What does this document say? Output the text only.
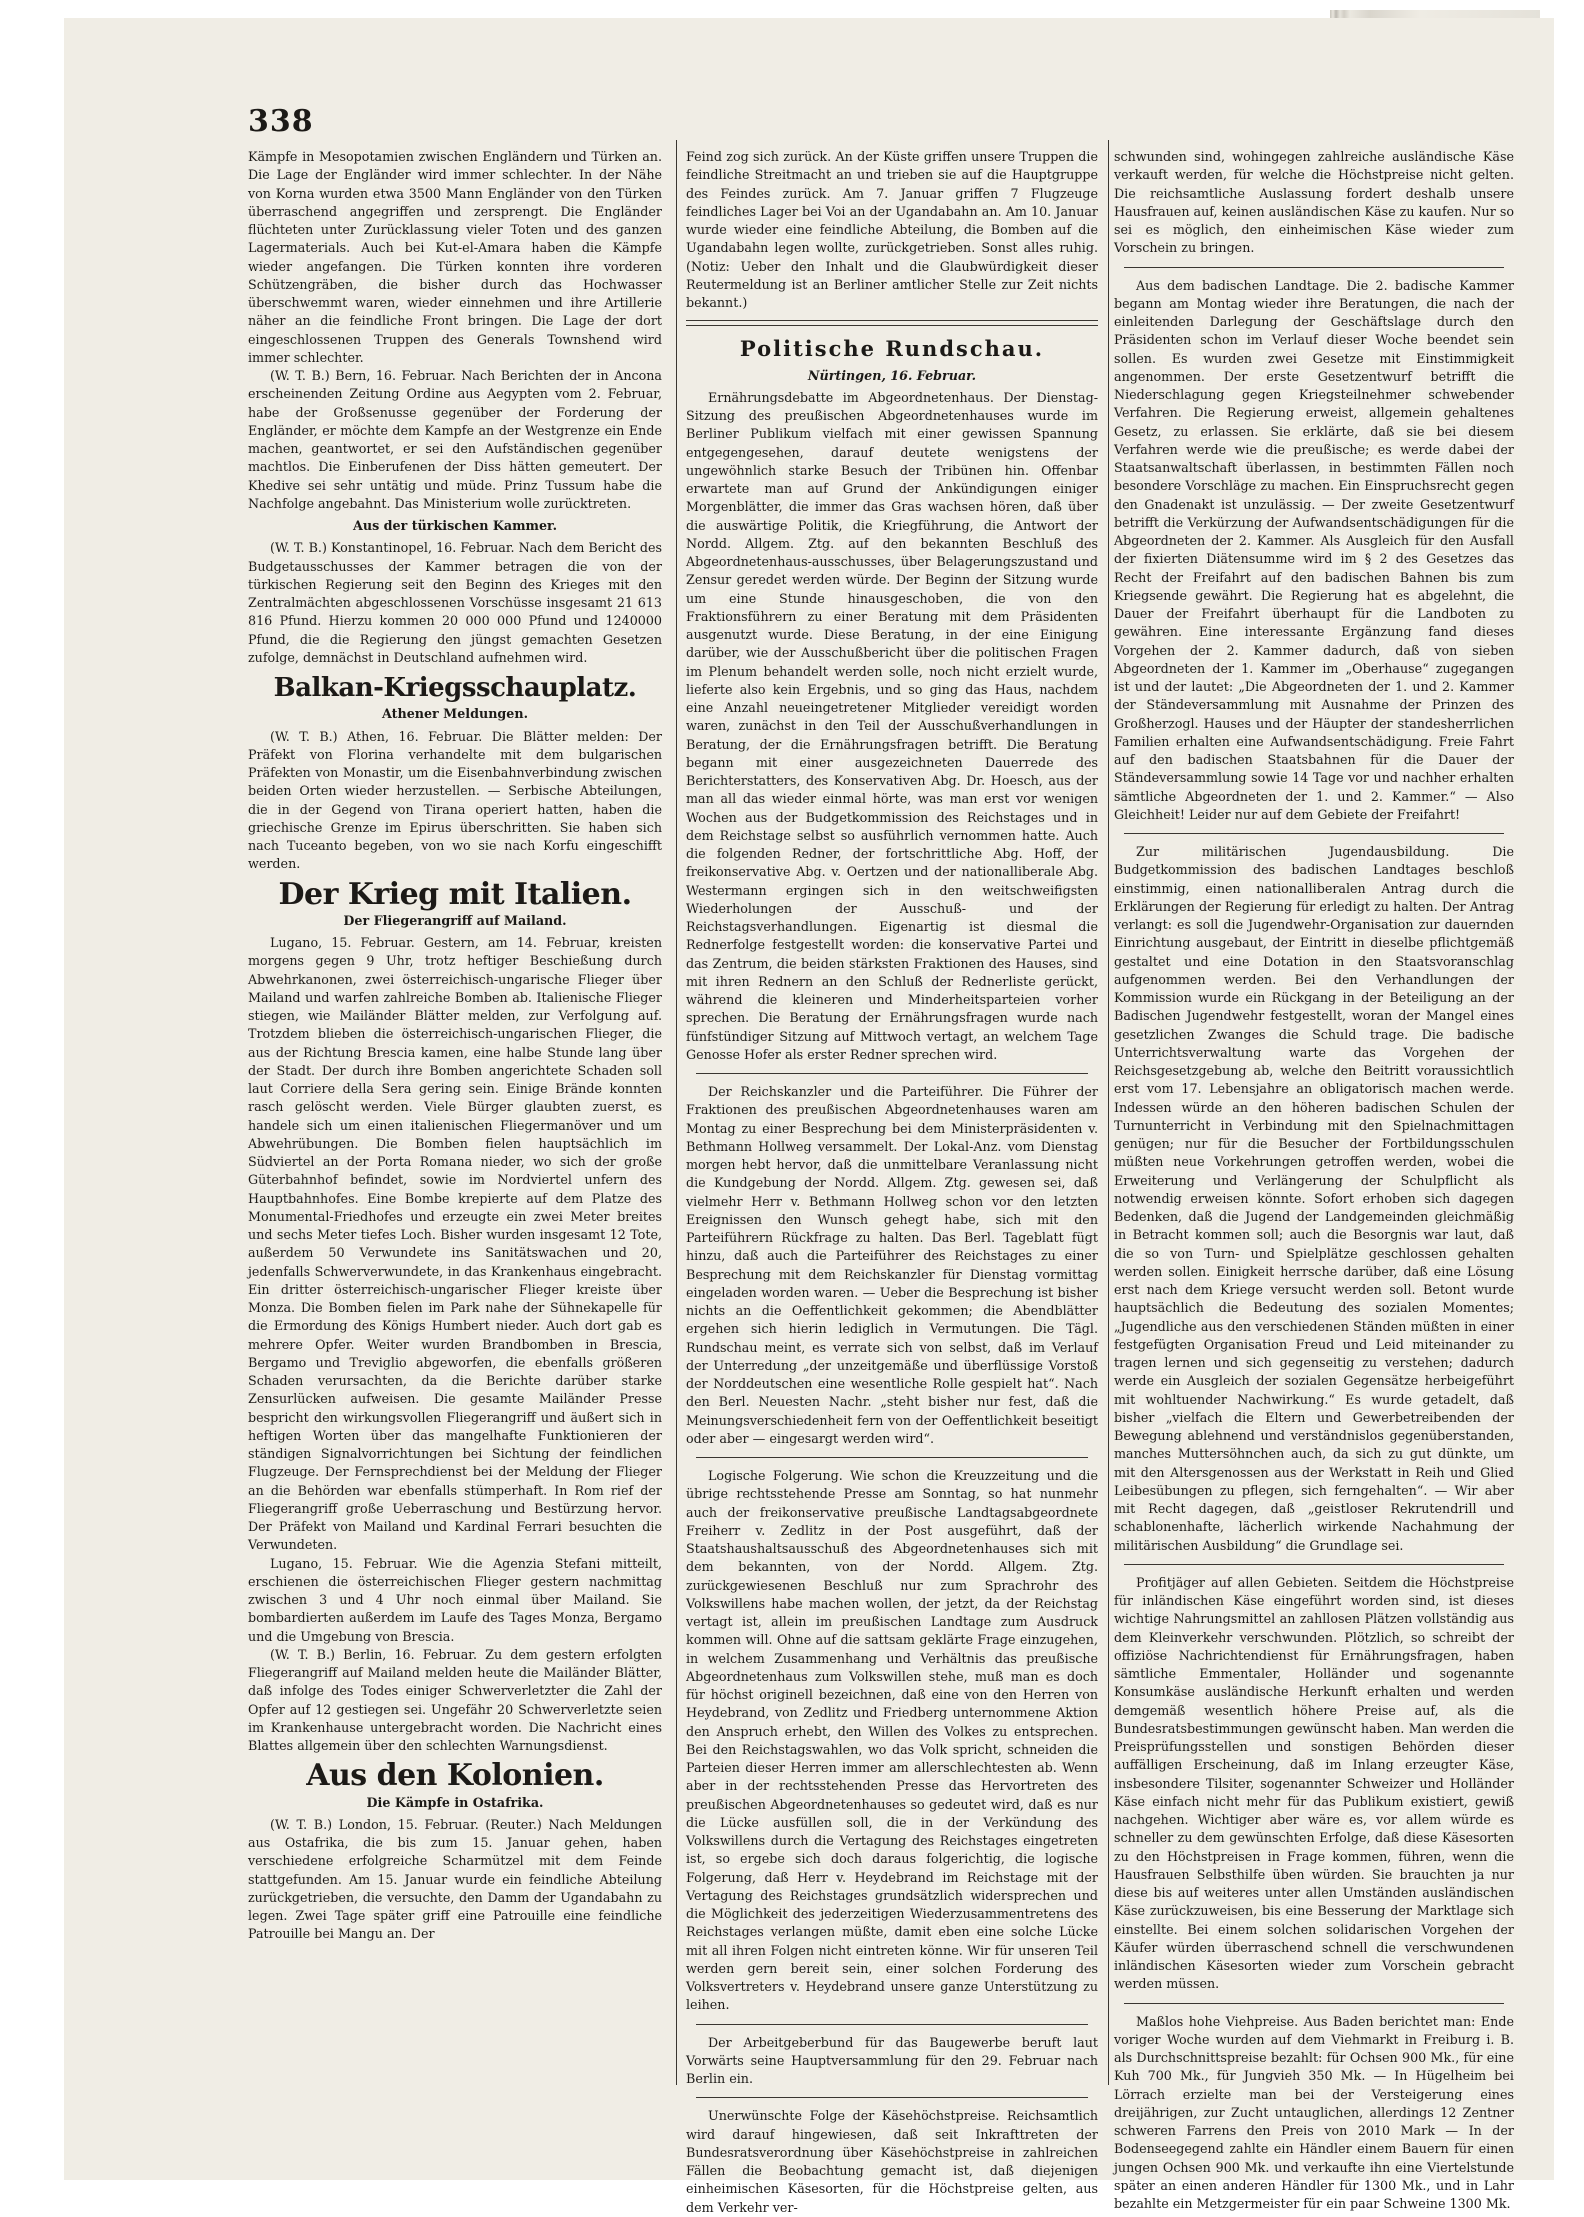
338

Kämpfe in Mesopotamien zwischen Engländern und Türken an. Die Lage der Engländer wird immer schlechter. In der Nähe von Korna wurden etwa 3500 Mann Engländer von den Türken überraschend angegriffen und zersprengt. Die Engländer flüchteten unter Zurücklassung vieler Toten und des ganzen Lagermaterials. Auch bei Kut-el-Amara haben die Kämpfe wieder angefangen. Die Türken konnten ihre vorderen Schützengräben, die bisher durch das Hochwasser überschwemmt waren, wieder einnehmen und ihre Artillerie näher an die feindliche Front bringen. Die Lage der dort eingeschlossenen Truppen des Generals Townshend wird immer schlechter.

(W. T. B.) Bern, 16. Februar. Nach Berichten der in Ancona erscheinenden Zeitung Ordine aus Aegypten vom 2. Februar, habe der Großsenusse gegenüber der Forderung der Engländer, er möchte dem Kampfe an der Westgrenze ein Ende machen, geantwortet, er sei den Aufständischen gegenüber machtlos. Die Einberufenen der Diss hätten gemeutert. Der Khedive sei sehr untätig und müde. Prinz Tussum habe die Nachfolge angebahnt. Das Ministerium wolle zurücktreten.

Aus der türkischen Kammer.

(W. T. B.) Konstantinopel, 16. Februar. Nach dem Bericht des Budgetausschusses der Kammer betragen die von der türkischen Regierung seit den Beginn des Krieges mit den Zentralmächten abgeschlossenen Vorschüsse insgesamt 21 613 816 Pfund. Hierzu kommen 20 000 000 Pfund und 1240000 Pfund, die die Regierung den jüngst gemachten Gesetzen zufolge, demnächst in Deutschland aufnehmen wird.

Balkan-Kriegsschauplatz.
Athener Meldungen.

(W. T. B.) Athen, 16. Februar. Die Blätter melden: Der Präfekt von Florina verhandelte mit dem bulgarischen Präfekten von Monastir, um die Eisenbahnverbindung zwischen beiden Orten wieder herzustellen. — Serbische Abteilungen, die in der Gegend von Tirana operiert hatten, haben die griechische Grenze im Epirus überschritten. Sie haben sich nach Tuceanto begeben, von wo sie nach Korfu eingeschifft werden.

Der Krieg mit Italien.
Der Fliegerangriff auf Mailand.

Lugano, 15. Februar. Gestern, am 14. Februar, kreisten morgens gegen 9 Uhr, trotz heftiger Beschießung durch Abwehrkanonen, zwei österreichisch-ungarische Flieger über Mailand und warfen zahlreiche Bomben ab. Italienische Flieger stiegen, wie Mailänder Blätter melden, zur Verfolgung auf. Trotzdem blieben die österreichisch-ungarischen Flieger, die aus der Richtung Brescia kamen, eine halbe Stunde lang über der Stadt. Der durch ihre Bomben angerichtete Schaden soll laut Corriere della Sera gering sein. Einige Brände konnten rasch gelöscht werden. Viele Bürger glaubten zuerst, es handele sich um einen italienischen Fliegermanöver und um Abwehrübungen. Die Bomben fielen hauptsächlich im Südviertel an der Porta Romana nieder, wo sich der große Güterbahnhof befindet, sowie im Nordviertel unfern des Hauptbahnhofes. Eine Bombe krepierte auf dem Platze des Monumental-Friedhofes und erzeugte ein zwei Meter breites und sechs Meter tiefes Loch. Bisher wurden insgesamt 12 Tote, außerdem 50 Verwundete ins Sanitätswachen und 20, jedenfalls Schwerverwundete, in das Krankenhaus eingebracht. Ein dritter österreichisch-ungarischer Flieger kreiste über Monza. Die Bomben fielen im Park nahe der Sühnekapelle für die Ermordung des Königs Humbert nieder. Auch dort gab es mehrere Opfer. Weiter wurden Brandbomben in Brescia, Bergamo und Treviglio abgeworfen, die ebenfalls größeren Schaden verursachten, da die Berichte darüber starke Zensurlücken aufweisen. Die gesamte Mailänder Presse bespricht den wirkungsvollen Fliegerangriff und äußert sich in heftigen Worten über das mangelhafte Funktionieren der ständigen Signalvorrichtungen bei Sichtung der feindlichen Flugzeuge. Der Fernsprechdienst bei der Meldung der Flieger an die Behörden war ebenfalls stümperhaft. In Rom rief der Fliegerangriff große Ueberraschung und Bestürzung hervor. Der Präfekt von Mailand und Kardinal Ferrari besuchten die Verwundeten.

Lugano, 15. Februar. Wie die Agenzia Stefani mitteilt, erschienen die österreichischen Flieger gestern nachmittag zwischen 3 und 4 Uhr noch einmal über Mailand. Sie bombardierten außerdem im Laufe des Tages Monza, Bergamo und die Umgebung von Brescia.

(W. T. B.) Berlin, 16. Februar. Zu dem gestern erfolgten Fliegerangriff auf Mailand melden heute die Mailänder Blätter, daß infolge des Todes einiger Schwerverletzter die Zahl der Opfer auf 12 gestiegen sei. Ungefähr 20 Schwerverletzte seien im Krankenhause untergebracht worden. Die Nachricht eines Blattes allgemein über den schlechten Warnungsdienst.

Aus den Kolonien.
Die Kämpfe in Ostafrika.

(W. T. B.) London, 15. Februar. (Reuter.) Nach Meldungen aus Ostafrika, die bis zum 15. Januar gehen, haben verschiedene erfolgreiche Scharmützel mit dem Feinde stattgefunden. Am 15. Januar wurde ein feindliche Abteilung zurückgetrieben, die versuchte, den Damm der Ugandabahn zu legen. Zwei Tage später griff eine Patrouille eine feindliche Patrouille bei Mangu an. Der

Feind zog sich zurück. An der Küste griffen unsere Truppen die feindliche Streitmacht an und trieben sie auf die Hauptgruppe des Feindes zurück. Am 7. Januar griffen 7 Flugzeuge feindliches Lager bei Voi an der Ugandabahn an. Am 10. Januar wurde wieder eine feindliche Abteilung, die Bomben auf die Ugandabahn legen wollte, zurückgetrieben. Sonst alles ruhig. (Notiz: Ueber den Inhalt und die Glaubwürdigkeit dieser Reutermeldung ist an Berliner amtlicher Stelle zur Zeit nichts bekannt.)

Politische Rundschau.
Nürtingen, 16. Februar.

Ernährungsdebatte im Abgeordnetenhaus. Der Dienstag-Sitzung des preußischen Abgeordnetenhauses wurde im Berliner Publikum vielfach mit einer gewissen Spannung entgegengesehen, darauf deutete wenigstens der ungewöhnlich starke Besuch der Tribünen hin. Offenbar erwartete man auf Grund der Ankündigungen einiger Morgenblätter, die immer das Gras wachsen hören, daß über die auswärtige Politik, die Kriegführung, die Antwort der Nordd. Allgem. Ztg. auf den bekannten Beschluß des Abgeordnetenhaus-ausschusses, über Belagerungszustand und Zensur geredet werden würde. Der Beginn der Sitzung wurde um eine Stunde hinausgeschoben, die von den Fraktionsführern zu einer Beratung mit dem Präsidenten ausgenutzt wurde. Diese Beratung, in der eine Einigung darüber, wie der Ausschußbericht über die politischen Fragen im Plenum behandelt werden solle, noch nicht erzielt wurde, lieferte also kein Ergebnis, und so ging das Haus, nachdem eine Anzahl neueingetretener Mitglieder vereidigt worden waren, zunächst in den Teil der Ausschußverhandlungen in Beratung, der die Ernährungsfragen betrifft. Die Beratung begann mit einer ausgezeichneten Dauerrede des Berichterstatters, des Konservativen Abg. Dr. Hoesch, aus der man all das wieder einmal hörte, was man erst vor wenigen Wochen aus der Budgetkommission des Reichstages und in dem Reichstage selbst so ausführlich vernommen hatte. Auch die folgenden Redner, der fortschrittliche Abg. Hoff, der freikonservative Abg. v. Oertzen und der nationalliberale Abg. Westermann ergingen sich in den weitschweifigsten Wiederholungen der Ausschuß- und der Reichstagsverhandlungen. Eigenartig ist diesmal die Rednerfolge festgestellt worden: die konservative Partei und das Zentrum, die beiden stärksten Fraktionen des Hauses, sind mit ihren Rednern an den Schluß der Rednerliste gerückt, während die kleineren und Minderheitsparteien vorher sprechen. Die Beratung der Ernährungsfragen wurde nach fünfstündiger Sitzung auf Mittwoch vertagt, an welchem Tage Genosse Hofer als erster Redner sprechen wird.

Der Reichskanzler und die Parteiführer. Die Führer der Fraktionen des preußischen Abgeordnetenhauses waren am Montag zu einer Besprechung bei dem Ministerpräsidenten v. Bethmann Hollweg versammelt. Der Lokal-Anz. vom Dienstag morgen hebt hervor, daß die unmittelbare Veranlassung nicht die Kundgebung der Nordd. Allgem. Ztg. gewesen sei, daß vielmehr Herr v. Bethmann Hollweg schon vor den letzten Ereignissen den Wunsch gehegt habe, sich mit den Parteiführern Rückfrage zu halten. Das Berl. Tageblatt fügt hinzu, daß auch die Parteiführer des Reichstages zu einer Besprechung mit dem Reichskanzler für Dienstag vormittag eingeladen worden waren. — Ueber die Besprechung ist bisher nichts an die Oeffentlichkeit gekommen; die Abendblätter ergehen sich hierin lediglich in Vermutungen. Die Tägl. Rundschau meint, es verrate sich von selbst, daß im Verlauf der Unterredung „der unzeitgemäße und überflüssige Vorstoß der Norddeutschen eine wesentliche Rolle gespielt hat“. Nach den Berl. Neuesten Nachr. „steht bisher nur fest, daß die Meinungsverschiedenheit fern von der Oeffentlichkeit beseitigt oder aber — eingesargt werden wird“.

Logische Folgerung. Wie schon die Kreuzzeitung und die übrige rechtsstehende Presse am Sonntag, so hat nunmehr auch der freikonservative preußische Landtagsabgeordnete Freiherr v. Zedlitz in der Post ausgeführt, daß der Staatshaushaltsausschuß des Abgeordnetenhauses sich mit dem bekannten, von der Nordd. Allgem. Ztg. zurückgewiesenen Beschluß nur zum Sprachrohr des Volkswillens habe machen wollen, der jetzt, da der Reichstag vertagt ist, allein im preußischen Landtage zum Ausdruck kommen will. Ohne auf die sattsam geklärte Frage einzugehen, in welchem Zusammenhang und Verhältnis das preußische Abgeordnetenhaus zum Volkswillen stehe, muß man es doch für höchst originell bezeichnen, daß eine von den Herren von Heydebrand, von Zedlitz und Friedberg unternommene Aktion den Anspruch erhebt, den Willen des Volkes zu entsprechen. Bei den Reichstagswahlen, wo das Volk spricht, schneiden die Parteien dieser Herren immer am allerschlechtesten ab. Wenn aber in der rechtsstehenden Presse das Hervortreten des preußischen Abgeordnetenhauses so gedeutet wird, daß es nur die Lücke ausfüllen soll, die in der Verkündung des Volkswillens durch die Vertagung des Reichstages eingetreten ist, so ergebe sich doch daraus folgerichtig, die logische Folgerung, daß Herr v. Heydebrand im Reichstage mit der Vertagung des Reichstages grundsätzlich widersprechen und die Möglichkeit des jederzeitigen Wiederzusammentretens des Reichstages verlangen müßte, damit eben eine solche Lücke mit all ihren Folgen nicht eintreten könne. Wir für unseren Teil werden gern bereit sein, einer solchen Forderung des Volksvertreters v. Heydebrand unsere ganze Unterstützung zu leihen.

Der Arbeitgeberbund für das Baugewerbe beruft laut Vorwärts seine Hauptversammlung für den 29. Februar nach Berlin ein.

Unerwünschte Folge der Käsehöchstpreise. Reichsamtlich wird darauf hingewiesen, daß seit Inkrafttreten der Bundesratsverordnung über Käsehöchstpreise in zahlreichen Fällen die Beobachtung gemacht ist, daß diejenigen einheimischen Käsesorten, für die Höchstpreise gelten, aus dem Verkehr ver-

schwunden sind, wohingegen zahlreiche ausländische Käse verkauft werden, für welche die Höchstpreise nicht gelten. Die reichsamtliche Auslassung fordert deshalb unsere Hausfrauen auf, keinen ausländischen Käse zu kaufen. Nur so sei es möglich, den einheimischen Käse wieder zum Vorschein zu bringen.

Aus dem badischen Landtage. Die 2. badische Kammer begann am Montag wieder ihre Beratungen, die nach der einleitenden Darlegung der Geschäftslage durch den Präsidenten schon im Verlauf dieser Woche beendet sein sollen. Es wurden zwei Gesetze mit Einstimmigkeit angenommen. Der erste Gesetzentwurf betrifft die Niederschlagung gegen Kriegsteilnehmer schwebender Verfahren. Die Regierung erweist, allgemein gehaltenes Gesetz, zu erlassen. Sie erklärte, daß sie bei diesem Verfahren werde wie die preußische; es werde dabei der Staatsanwaltschaft überlassen, in bestimmten Fällen noch besondere Vorschläge zu machen. Ein Einspruchsrecht gegen den Gnadenakt ist unzulässig. — Der zweite Gesetzentwurf betrifft die Verkürzung der Aufwandsentschädigungen für die Abgeordneten der 2. Kammer. Als Ausgleich für den Ausfall der fixierten Diätensumme wird im § 2 des Gesetzes das Recht der Freifahrt auf den badischen Bahnen bis zum Kriegsende gewährt. Die Regierung hat es abgelehnt, die Dauer der Freifahrt überhaupt für die Landboten zu gewähren. Eine interessante Ergänzung fand dieses Vorgehen der 2. Kammer dadurch, daß von sieben Abgeordneten der 1. Kammer im „Oberhause“ zugegangen ist und der lautet: „Die Abgeordneten der 1. und 2. Kammer der Ständeversammlung mit Ausnahme der Prinzen des Großherzogl. Hauses und der Häupter der standesherrlichen Familien erhalten eine Aufwandsentschädigung. Freie Fahrt auf den badischen Staatsbahnen für die Dauer der Ständeversammlung sowie 14 Tage vor und nachher erhalten sämtliche Abgeordneten der 1. und 2. Kammer.“ — Also Gleichheit! Leider nur auf dem Gebiete der Freifahrt!

Zur militärischen Jugendausbildung. Die Budgetkommission des badischen Landtages beschloß einstimmig, einen nationalliberalen Antrag durch die Erklärungen der Regierung für erledigt zu halten. Der Antrag verlangt: es soll die Jugendwehr-Organisation zur dauernden Einrichtung ausgebaut, der Eintritt in dieselbe pflichtgemäß gestaltet und eine Dotation in den Staatsvoranschlag aufgenommen werden. Bei den Verhandlungen der Kommission wurde ein Rückgang in der Beteiligung an der Badischen Jugendwehr festgestellt, woran der Mangel eines gesetzlichen Zwanges die Schuld trage. Die badische Unterrichtsverwaltung warte das Vorgehen der Reichsgesetzgebung ab, welche den Beitritt voraussichtlich erst vom 17. Lebensjahre an obligatorisch machen werde. Indessen würde an den höheren badischen Schulen der Turnunterricht in Verbindung mit den Spielnachmittagen genügen; nur für die Besucher der Fortbildungsschulen müßten neue Vorkehrungen getroffen werden, wobei die Erweiterung und Verlängerung der Schulpflicht als notwendig erweisen könnte. Sofort erhoben sich dagegen Bedenken, daß die Jugend der Landgemeinden gleichmäßig in Betracht kommen soll; auch die Besorgnis war laut, daß die so von Turn- und Spielplätze geschlossen gehalten werden sollen. Einigkeit herrsche darüber, daß eine Lösung erst nach dem Kriege versucht werden soll. Betont wurde hauptsächlich die Bedeutung des sozialen Momentes; „Jugendliche aus den verschiedenen Ständen müßten in einer festgefügten Organisation Freud und Leid miteinander zu tragen lernen und sich gegenseitig zu verstehen; dadurch werde ein Ausgleich der sozialen Gegensätze herbeigeführt mit wohltuender Nachwirkung.“ Es wurde getadelt, daß bisher „vielfach die Eltern und Gewerbetreibenden der Bewegung ablehnend und verständnislos gegenüberstanden, manches Muttersöhnchen auch, da sich zu gut dünkte, um mit den Altersgenossen aus der Werkstatt in Reih und Glied Leibesübungen zu pflegen, sich ferngehalten“. — Wir aber mit Recht dagegen, daß „geistloser Rekrutendrill und schablonenhafte, lächerlich wirkende Nachahmung der militärischen Ausbildung“ die Grundlage sei.

Profitjäger auf allen Gebieten. Seitdem die Höchstpreise für inländischen Käse eingeführt worden sind, ist dieses wichtige Nahrungsmittel an zahllosen Plätzen vollständig aus dem Kleinverkehr verschwunden. Plötzlich, so schreibt der offiziöse Nachrichtendienst für Ernährungsfragen, haben sämtliche Emmentaler, Holländer und sogenannte Konsumkäse ausländische Herkunft erhalten und werden demgemäß wesentlich höhere Preise auf, als die Bundesratsbestimmungen gewünscht haben. Man werden die Preisprüfungsstellen und sonstigen Behörden dieser auffälligen Erscheinung, daß im Inlang erzeugter Käse, insbesondere Tilsiter, sogenannter Schweizer und Holländer Käse einfach nicht mehr für das Publikum existiert, gewiß nachgehen. Wichtiger aber wäre es, vor allem würde es schneller zu dem gewünschten Erfolge, daß diese Käsesorten zu den Höchstpreisen in Frage kommen, führen, wenn die Hausfrauen Selbsthilfe üben würden. Sie brauchten ja nur diese bis auf weiteres unter allen Umständen ausländischen Käse zurückzuweisen, bis eine Besserung der Marktlage sich einstellte. Bei einem solchen solidarischen Vorgehen der Käufer würden überraschend schnell die verschwundenen inländischen Käsesorten wieder zum Vorschein gebracht werden müssen.

Maßlos hohe Viehpreise. Aus Baden berichtet man: Ende voriger Woche wurden auf dem Viehmarkt in Freiburg i. B. als Durchschnittspreise bezahlt: für Ochsen 900 Mk., für eine Kuh 700 Mk., für Jungvieh 350 Mk. — In Hügelheim bei Lörrach erzielte man bei der Versteigerung eines dreijährigen, zur Zucht untauglichen, allerdings 12 Zentner schweren Farrens den Preis von 2010 Mark — In der Bodenseegegend zahlte ein Händler einem Bauern für einen jungen Ochsen 900 Mk. und verkaufte ihn eine Viertelstunde später an einen anderen Händler für 1300 Mk., und in Lahr bezahlte ein Metzgermeister für ein paar Schweine 1300 Mk.
